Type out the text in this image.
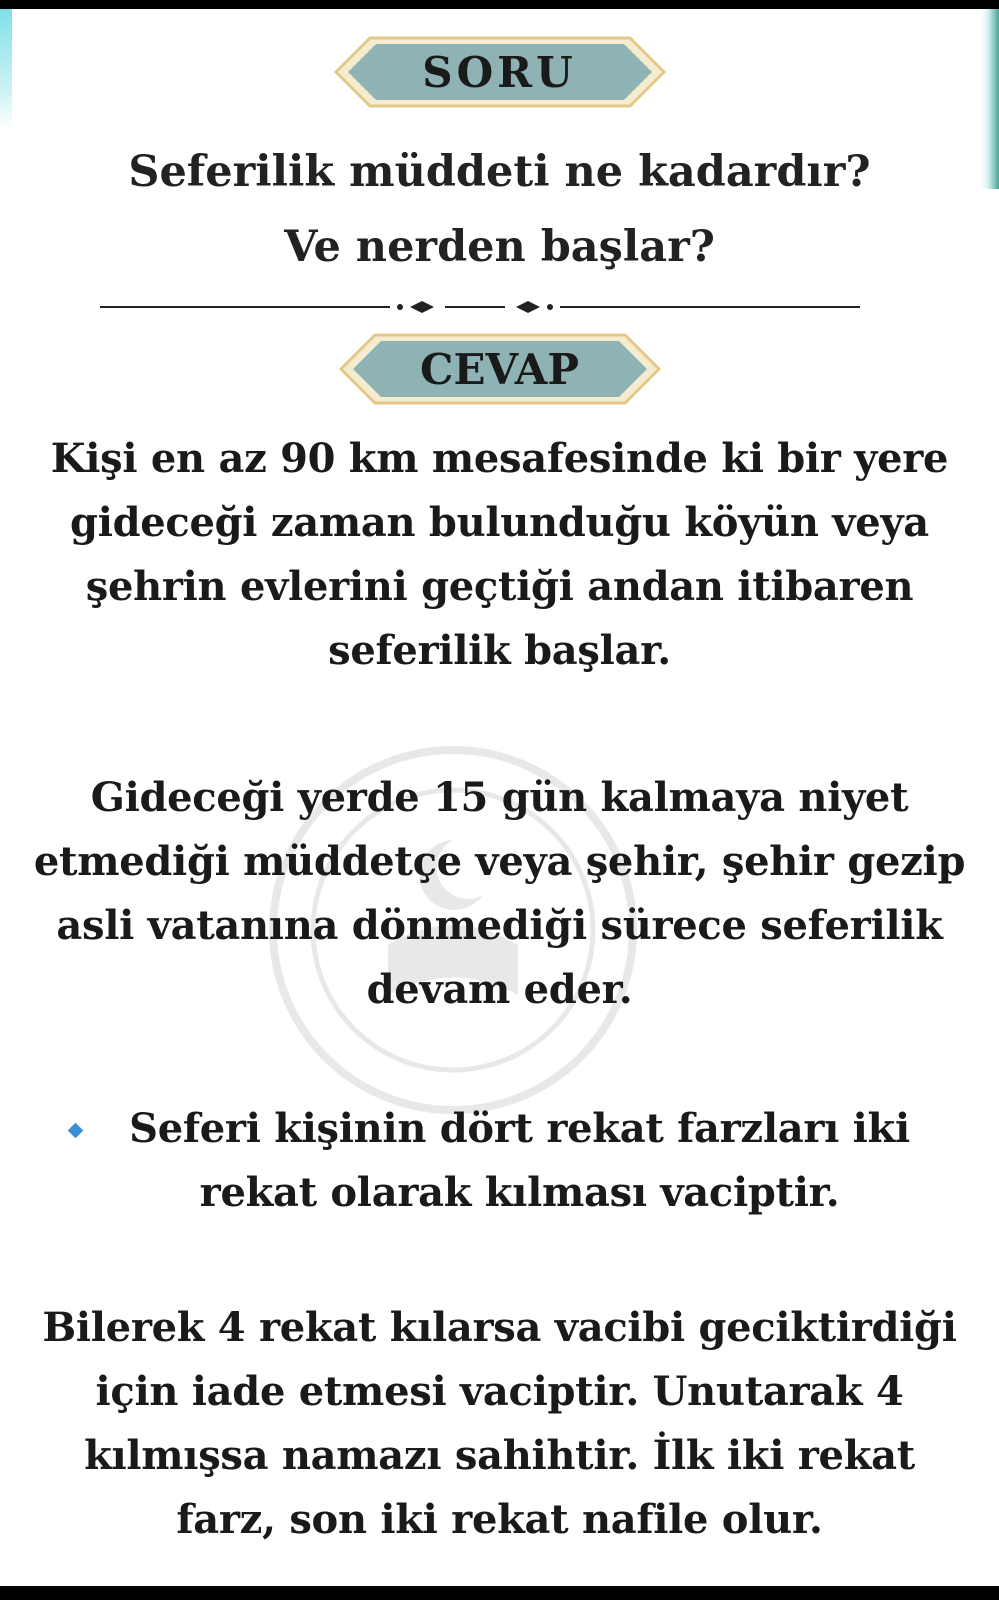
SORU
Seferilik müddeti ne kadardır?
Ve nerden başlar?
CEVAP
Kişi en az 90 km mesafesinde ki bir yere
gideceği zaman bulunduğu köyün veya
şehrin evlerini geçtiği andan itibaren
seferilik başlar.
Gideceği yerde 15 gün kalmaya niyet
etmediği müddetçe veya şehir, şehir gezip
asli vatanına dönmediği sürece seferilik
devam eder.
Seferi kişinin dört rekat farzları iki
rekat olarak kılması vaciptir.
Bilerek 4 rekat kılarsa vacibi geciktirdiği
için iade etmesi vaciptir. Unutarak 4
kılmışsa namazı sahihtir. İlk iki rekat
farz, son iki rekat nafile olur.
